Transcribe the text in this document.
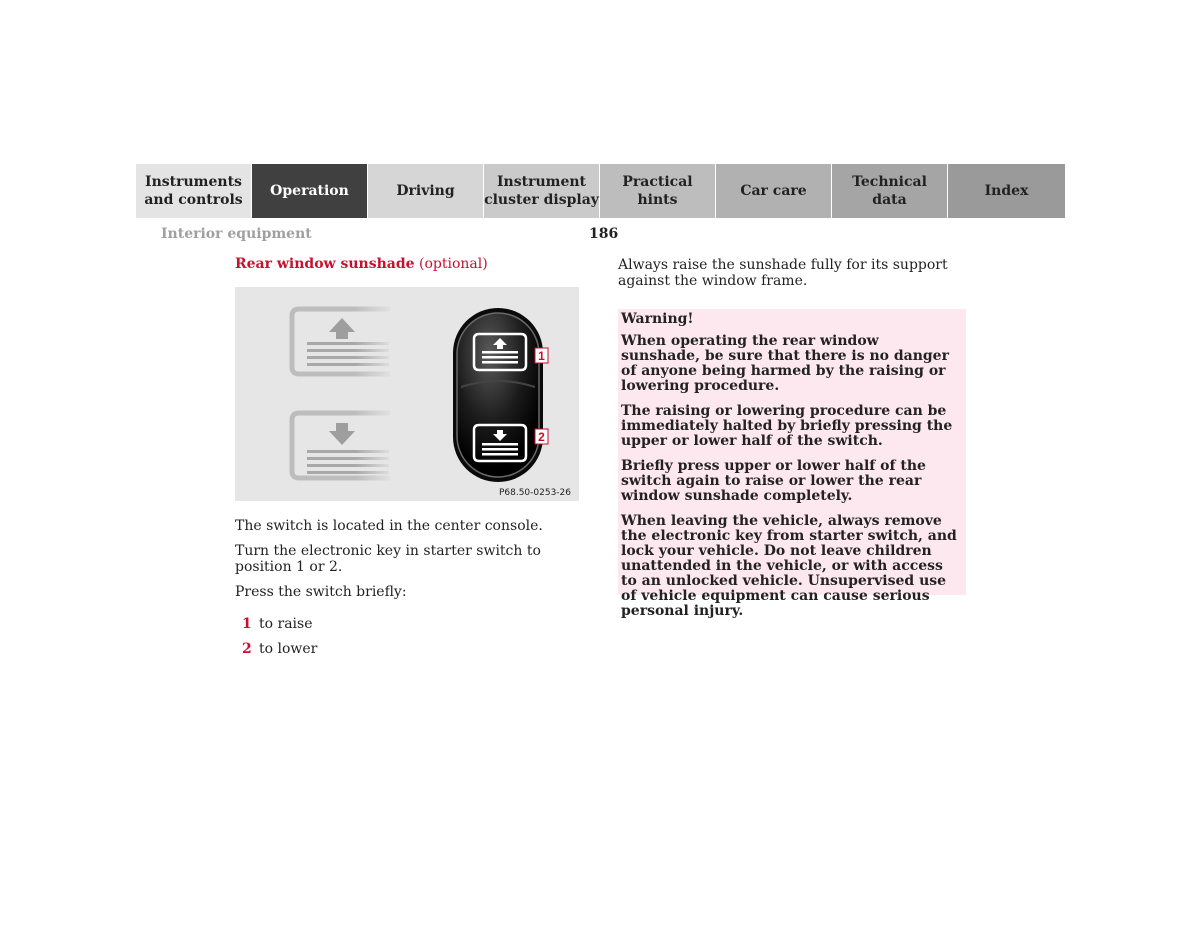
Instruments
and controls
Operation	Driving
Instrument
cluster display
Practical hints
Car care
Technical
data
Index
Interior equipment	186
Rear window sunshade (optional)
1
2
P68.50-0253-26
The switch is located in the center console.
Turn the electronic key in starter switch to position 1 or 2.
Press the switch briefly:
1 to raise
2 to lower
Always raise the sunshade fully for its support against the window frame.

Warning!

When operating the rear window sunshade, be sure that there is no danger of anyone being harmed by the raising or lowering procedure.

The raising or lowering procedure can be immediately halted by briefly pressing the upper or lower half of the switch.

Briefly press upper or lower half of the switch again to raise or lower the rear window sunshade completely.

When leaving the vehicle, always remove the electronic key from starter switch, and lock your vehicle. Do not leave children unattended in the vehicle, or with access to an unlocked vehicle. Unsupervised use of vehicle equipment can cause serious personal injury.
